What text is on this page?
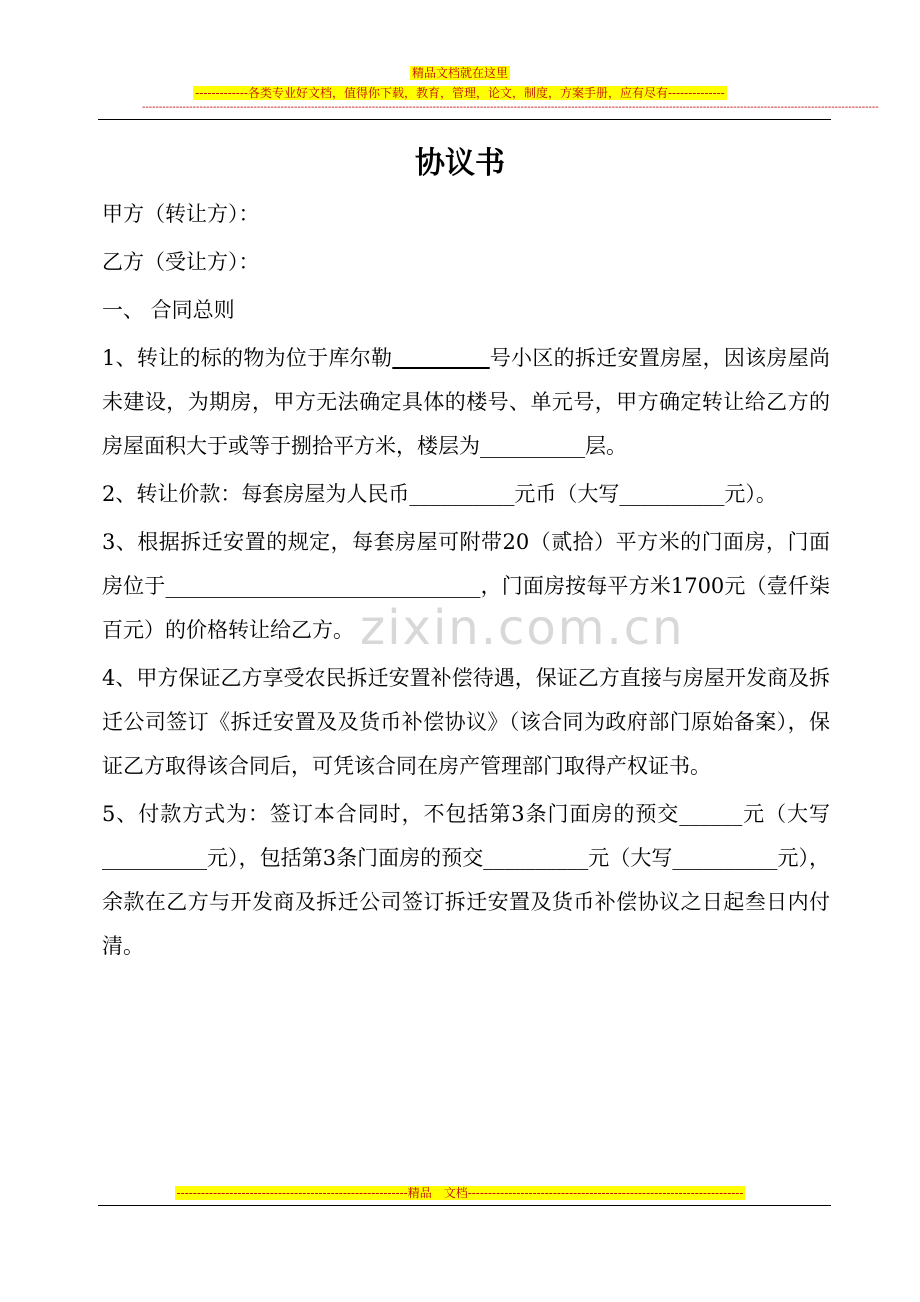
精品文档就在这里
-------------各类专业好文档，值得你下载，教育，管理，论文，制度，方案手册，应有尽有--------------
--------------------------------------------------------------------------------------------------------------------------------------------------------------------------------------------------------------------------
协议书
zixin.com.cn

甲方（转让方）：

乙方（受让方）：

一、 合同总则

1、转让的标的物为位于库尔勒	号小区的拆迁安置房屋，因该房屋尚未建设，为期房，甲方无法确定具体的楼号、单元号，甲方确定转让给乙方的房屋面积大于或等于捌拾平方米，楼层为__________层。

2、转让价款：每套房屋为人民币__________元币（大写__________元）。

3、根据拆迁安置的规定，每套房屋可附带20（贰拾）平方米的门面房，门面房位于______________________________，门面房按每平方米1700元（壹仟柒百元）的价格转让给乙方。

4、甲方保证乙方享受农民拆迁安置补偿待遇，保证乙方直接与房屋开发商及拆迁公司签订《拆迁安置及及货币补偿协议》（该合同为政府部门原始备案），保证乙方取得该合同后，可凭该合同在房产管理部门取得产权证书。

5、付款方式为：签订本合同时，不包括第3条门面房的预交______元（大写__________元），包括第3条门面房的预交__________元（大写__________元），余款在乙方与开发商及拆迁公司签订拆迁安置及货币补偿协议之日起叁日内付清。

---------------------------------------------------------精品　文档--------------------------------------------------------------------
